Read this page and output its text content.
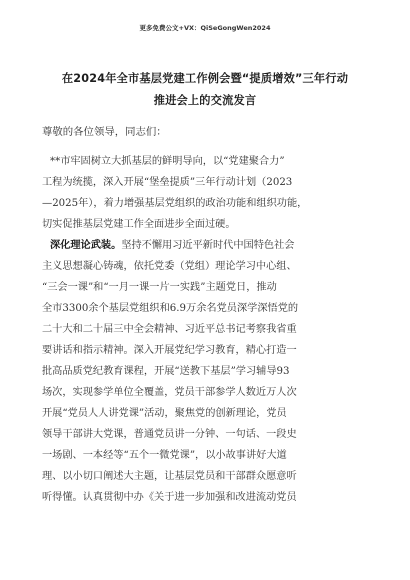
更多免费公文+VX：QiSeGongWen2024
在2024年全市基层党建工作例会暨“提质增效”三年行动
推进会上的交流发言
尊敬的各位领导，同志们：
**市牢固树立大抓基层的鲜明导向，以“党建聚合力”
工程为统揽，深入开展“堡垒提质”三年行动计划（2023
—2025年），着力增强基层党组织的政治功能和组织功能，
切实促推基层党建工作全面进步全面过硬。
深化理论武装。坚持不懈用习近平新时代中国特色社会
主义思想凝心铸魂，依托党委（党组）理论学习中心组、
“三会一课”和“一月一课一片一实践”主题党日，推动
全市3300余个基层党组织和6.9万余名党员深学深悟党的
二十大和二十届三中全会精神、习近平总书记考察我省重
要讲话和指示精神。深入开展党纪学习教育，精心打造一
批高品质党纪教育课程，开展“送教下基层”学习辅导93
场次，实现参学单位全覆盖，党员干部参学人数近万人次
开展“党员人人讲党课”活动，聚焦党的创新理论，党员
领导干部讲大党课，普通党员讲一分钟、一句话、一段史
一场剧、一本经等“五个一微党课”，以小故事讲好大道
理、以小切口阐述大主题，让基层党员和干部群众愿意听
听得懂。认真贯彻中办《关于进一步加强和改进流动党员
